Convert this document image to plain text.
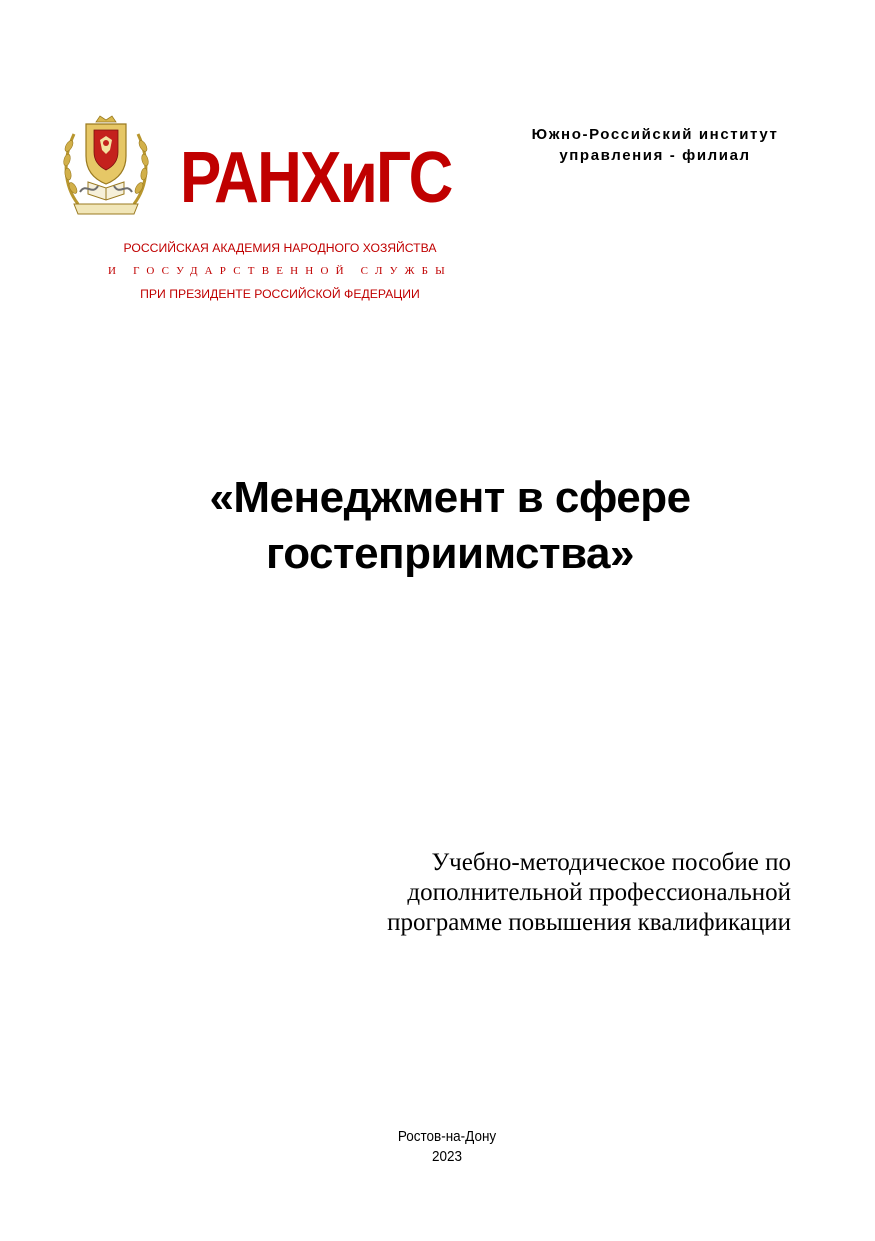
РАНХиГС
РОССИЙСКАЯ АКАДЕМИЯ НАРОДНОГО ХОЗЯЙСТВА
И ГОСУДАРСТВЕННОЙ СЛУЖБЫ
ПРИ ПРЕЗИДЕНТЕ РОССИЙСКОЙ ФЕДЕРАЦИИ
Южно-Российский институт
управления - филиал
«Менеджмент в сфере
гостеприимства»
Учебно-методическое пособие по
дополнительной профессиональной
программе повышения квалификации
Ростов-на-Дону
2023
